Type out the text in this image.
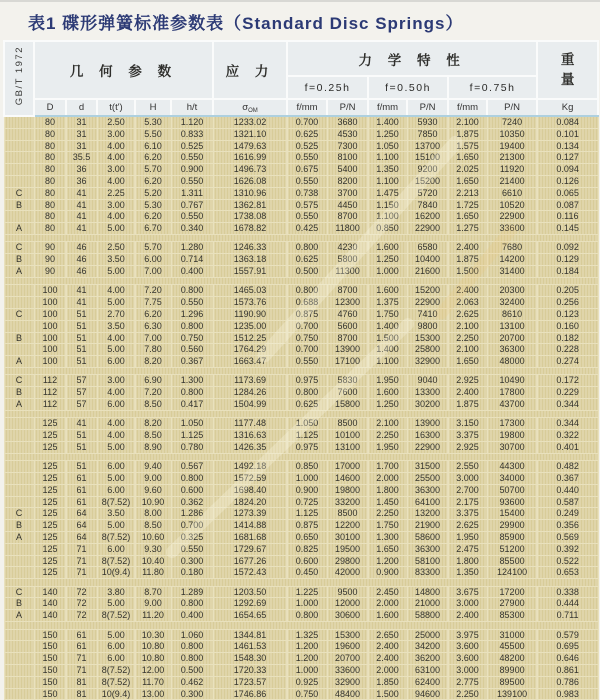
表1 碟形弹簧标准参数表（Standard Disc Springs）
GB/T 1972	几 何 参 数					应 力	力 学 特 性						重
量

							f=0.25h		f=0.50h		f=0.75h		
	D	d	t(t')	H	h/t	$\sigma_{OM}$	f/mm	P/N	f/mm	P/N	f/mm	P/N	Kg
	80	31	2.50	5.30	1.120	1233.02	0.700	3680	1.400	5930	2.100	7240	0.084
	80	31	3.00	5.50	0.833	1321.10	0.625	4530	1.250	7850	1.875	10350	0.101
	80	31	4.00	6.10	0.525	1479.63	0.525	7300	1.050	13700	1.575	19400	0.134
	80	35.5	4.00	6.20	0.550	1616.99	0.550	8100	1.100	15100	1.650	21300	0.127
	80	36	3.00	5.70	0.900	1496.73	0.675	5400	1.350	9200	2.025	11920	0.094
	80	36	4.00	6.20	0.550	1626.08	0.550	8200	1.100	15200	1.650	21400	0.126
C	80	41	2.25	5.20	1.311	1310.96	0.738	3700	1.475	5720	2.213	6610	0.065
B	80	41	3.00	5.30	0.767	1362.81	0.575	4450	1.150	7840	1.725	10520	0.087
	80	41	4.00	6.20	0.550	1738.08	0.550	8700	1.100	16200	1.650	22900	0.116
A	80	41	5.00	6.70	0.340	1678.82	0.425	11800	0.850	22900	1.275	33600	0.145

C	90	46	2.50	5.70	1.280	1246.33	0.800	4230	1.600	6580	2.400	7680	0.092
B	90	46	3.50	6.00	0.714	1363.18	0.625	5800	1.250	10400	1.875	14200	0.129
A	90	46	5.00	7.00	0.400	1557.91	0.500	11300	1.000	21600	1.500	31400	0.184

	100	41	4.00	7.20	0.800	1465.03	0.800	8700	1.600	15200	2.400	20300	0.205
	100	41	5.00	7.75	0.550	1573.76	0.688	12300	1.375	22900	2.063	32400	0.256
C	100	51	2.70	6.20	1.296	1190.90	0.875	4760	1.750	7410	2.625	8610	0.123
	100	51	3.50	6.30	0.800	1235.00	0.700	5600	1.400	9800	2.100	13100	0.160
B	100	51	4.00	7.00	0.750	1512.25	0.750	8700	1.500	15300	2.250	20700	0.182
	100	51	5.00	7.80	0.560	1764.29	0.700	13900	1.400	25800	2.100	36300	0.228
A	100	51	6.00	8.20	0.367	1663.47	0.550	17100	1.100	32900	1.650	48000	0.274

C	112	57	3.00	6.90	1.300	1173.69	0.975	5830	1.950	9040	2.925	10490	0.172
B	112	57	4.00	7.20	0.800	1284.26	0.800	7600	1.600	13300	2.400	17800	0.229
A	112	57	6.00	8.50	0.417	1504.99	0.625	15800	1.250	30200	1.875	43700	0.344

	125	41	4.00	8.20	1.050	1177.48	1.050	8500	2.100	13900	3.150	17300	0.344
	125	51	4.00	8.50	1.125	1316.63	1.125	10100	2.250	16300	3.375	19800	0.322
	125	51	5.00	8.90	0.780	1426.35	0.975	13100	1.950	22900	2.925	30700	0.401

	125	51	6.00	9.40	0.567	1492.18	0.850	17000	1.700	31500	2.550	44300	0.482
	125	61	5.00	9.00	0.800	1572.59	1.000	14600	2.000	25500	3.000	34000	0.367
	125	61	6.00	9.60	0.600	1698.40	0.900	19800	1.800	36300	2.700	50700	0.440
	125	61	8(7.52)	10.90	0.362	1824.20	0.725	33200	1.450	64100	2.175	93600	0.587
C	125	64	3.50	8.00	1.286	1273.39	1.125	8500	2.250	13200	3.375	15400	0.249
B	125	64	5.00	8.50	0.700	1414.88	0.875	12200	1.750	21900	2.625	29900	0.356
A	125	64	8(7.52)	10.60	0.325	1681.68	0.650	30100	1.300	58600	1.950	85900	0.569
	125	71	6.00	9.30	0.550	1729.67	0.825	19500	1.650	36300	2.475	51200	0.392
	125	71	8(7.52)	10.40	0.300	1677.26	0.600	29800	1.200	58100	1.800	85500	0.522
	125	71	10(9.4)	11.80	0.180	1572.43	0.450	42000	0.900	83300	1.350	124100	0.653

C	140	72	3.80	8.70	1.289	1203.50	1.225	9500	2.450	14800	3.675	17200	0.338
B	140	72	5.00	9.00	0.800	1292.69	1.000	12000	2.000	21000	3.000	27900	0.444
A	140	72	8(7.52)	11.20	0.400	1654.65	0.800	30600	1.600	58800	2.400	85300	0.711

	150	61	5.00	10.30	1.060	1344.81	1.325	15300	2.650	25000	3.975	31000	0.579
	150	61	6.00	10.80	0.800	1461.53	1.200	19600	2.400	34200	3.600	45500	0.695
	150	71	6.00	10.80	0.800	1548.30	1.200	20700	2.400	36200	3.600	48200	0.646
	150	71	8(7.52)	12.00	0.500	1720.33	1.000	33600	2.000	63100	3.000	89900	0.861
	150	81	8(7.52)	11.70	0.462	1723.57	0.925	32900	1.850	62400	2.775	89500	0.786
	150	81	10(9.4)	13.00	0.300	1746.86	0.750	48400	1.500	94600	2.250	139100	0.983
